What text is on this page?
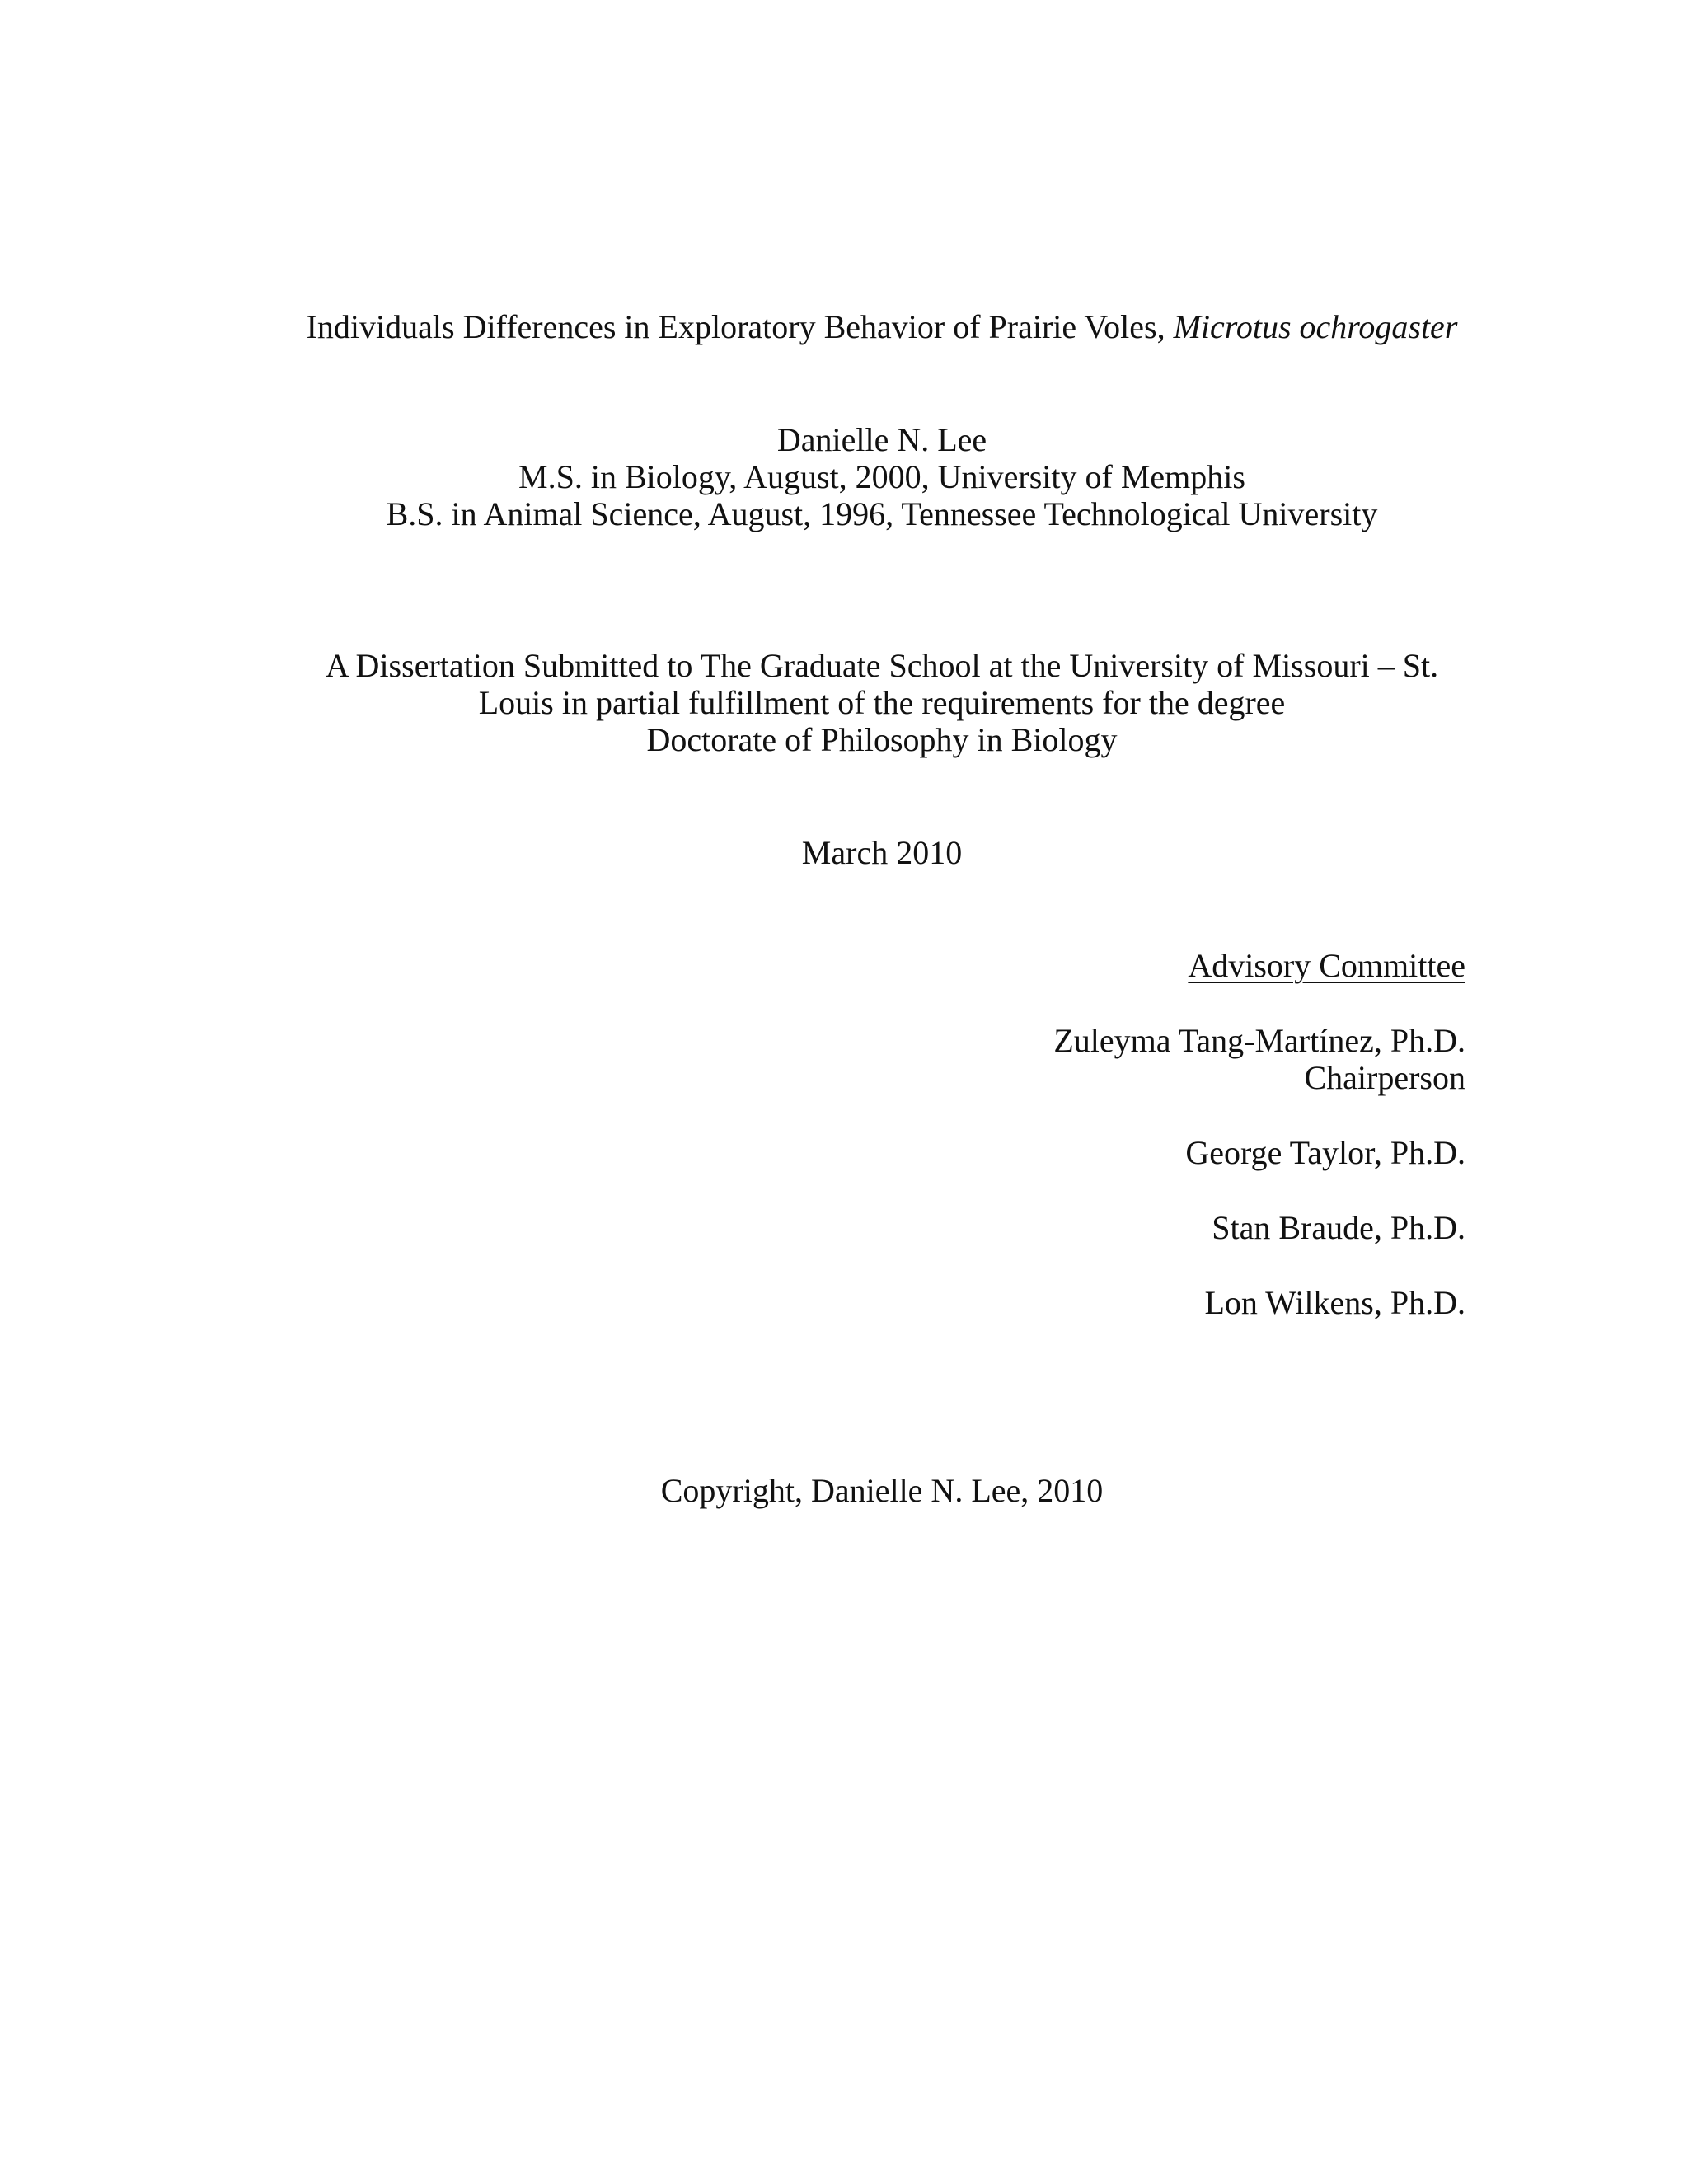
Individuals Differences in Exploratory Behavior of Prairie Voles, Microtus ochrogaster
Danielle N. Lee
M.S. in Biology, August, 2000, University of Memphis
B.S. in Animal Science, August, 1996, Tennessee Technological University
A Dissertation Submitted to The Graduate School at the University of Missouri – St.
Louis in partial fulfillment of the requirements for the degree
Doctorate of Philosophy in Biology
March 2010
Advisory Committee
Zuleyma Tang-Martínez, Ph.D.
Chairperson
George Taylor, Ph.D.
Stan Braude, Ph.D.
Lon Wilkens, Ph.D.
Copyright, Danielle N. Lee, 2010
